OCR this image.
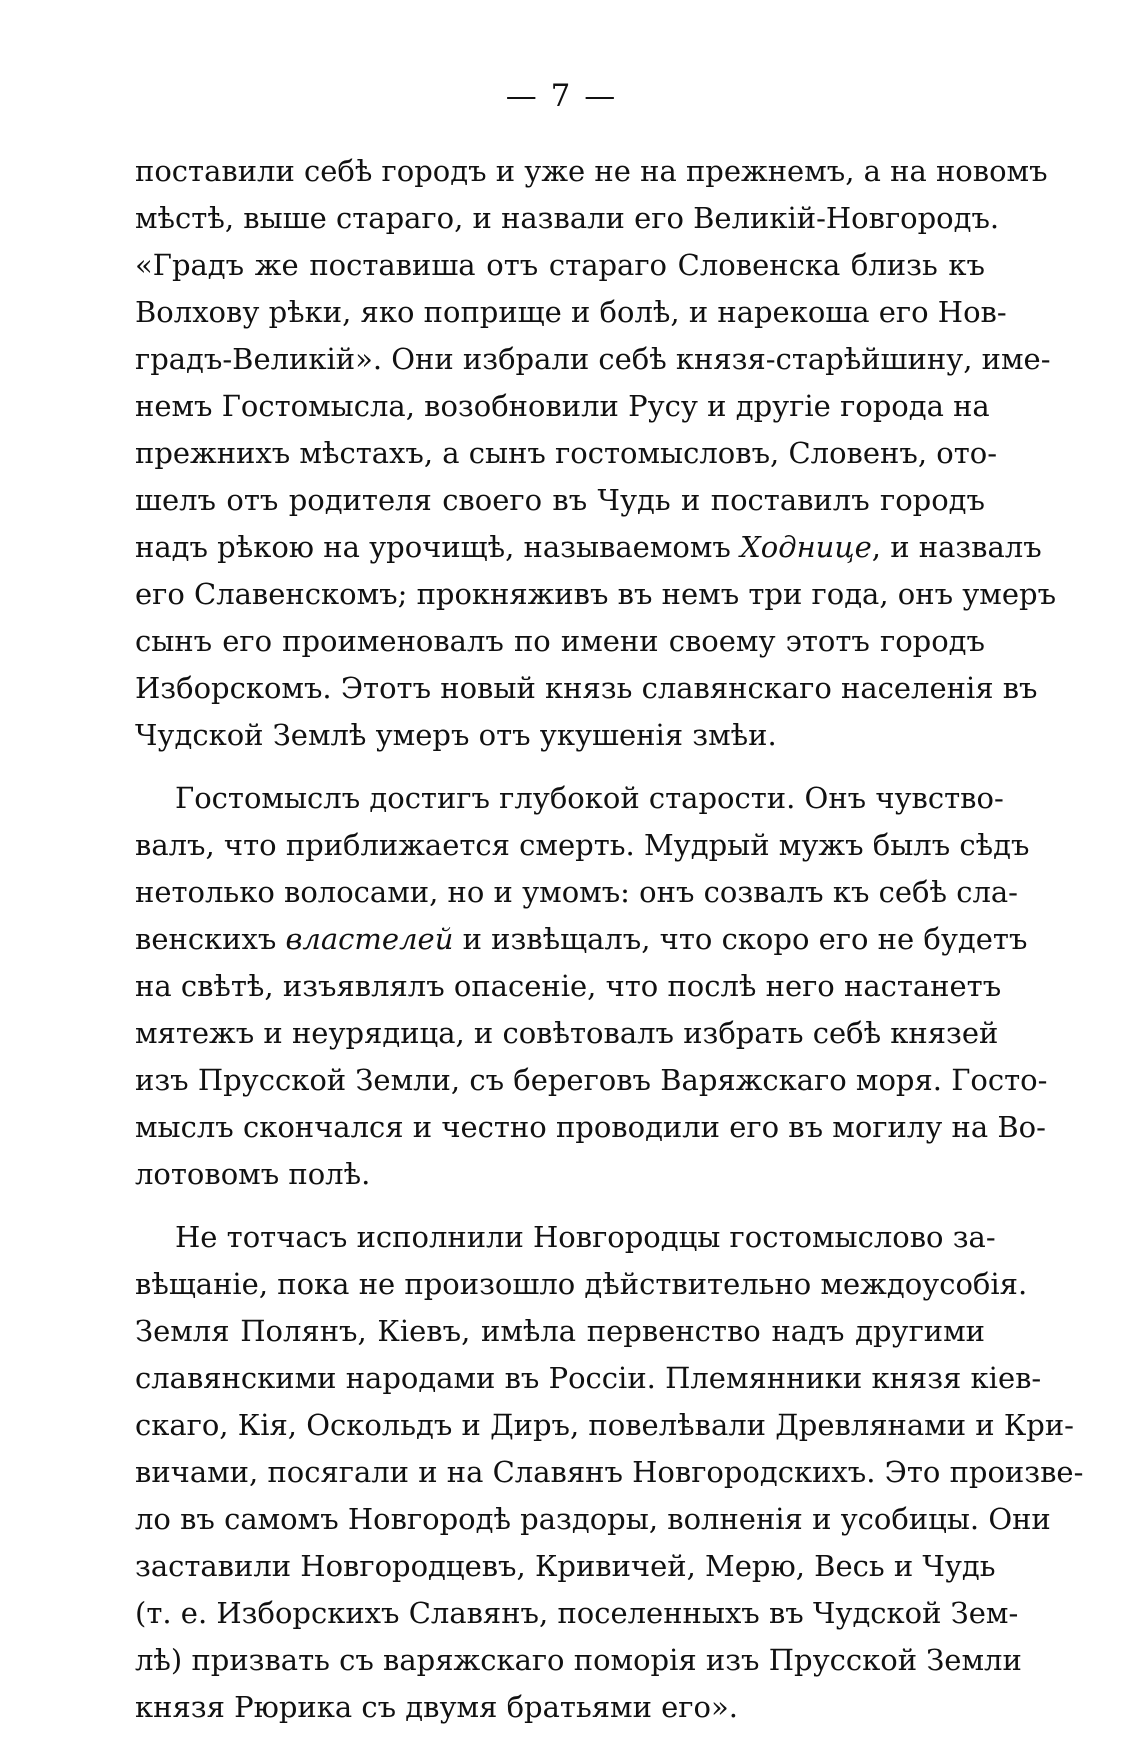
— 7 —
поставили себѣ городъ и уже не на прежнемъ, а на новомъ
мѣстѣ, выше стараго, и назвали его Великій-Новгородъ.
«Градъ же поставиша отъ стараго Словенска близь къ
Волхову рѣки, яко поприще и болѣ, и нарекоша его Нов-
градъ-Великій». Они избрали себѣ князя-старѣйшину, име-
немъ Гостомысла, возобновили Русу и другіе города на
прежнихъ мѣстахъ, а сынъ гостомысловъ, Словенъ, ото-
шелъ отъ родителя своего въ Чудь и поставилъ городъ
надъ рѣкою на урочищѣ, называемомъ Ходнице, и назвалъ
его Славенскомъ; прокняживъ въ немъ три года, онъ умеръ
сынъ его проименовалъ по имени своему этотъ городъ
Изборскомъ. Этотъ новый князь славянскаго населенія въ
Чудской Землѣ умеръ отъ укушенія змѣи.
Гостомыслъ достигъ глубокой старости. Онъ чувство-
валъ, что приближается смерть. Мудрый мужъ былъ сѣдъ
нетолько волосами, но и умомъ: онъ созвалъ къ себѣ сла-
венскихъ властелей и извѣщалъ, что скоро его не будетъ
на свѣтѣ, изъявлялъ опасеніе, что послѣ него настанетъ
мятежъ и неурядица, и совѣтовалъ избрать себѣ князей
изъ Прусской Земли, съ береговъ Варяжскаго моря. Госто-
мыслъ скончался и честно проводили его въ могилу на Во-
лотовомъ полѣ.
Не тотчасъ исполнили Новгородцы гостомыслово за-
вѣщаніе, пока не произошло дѣйствительно междоусобія.
Земля Полянъ, Кіевъ, имѣла первенство надъ другими
славянскими народами въ Россіи. Племянники князя кіев-
скаго, Кія, Оскольдъ и Диръ, повелѣвали Древлянами и Кри-
вичами, посягали и на Славянъ Новгородскихъ. Это произве-
ло въ самомъ Новгородѣ раздоры, волненія и усобицы. Они
заставили Новгородцевъ, Кривичей, Мерю, Весь и Чудь
(т. е. Изборскихъ Славянъ, поселенныхъ въ Чудской Зем-
лѣ) призвать съ варяжскаго поморія изъ Прусской Земли
князя Рюрика съ двумя братьями его».
